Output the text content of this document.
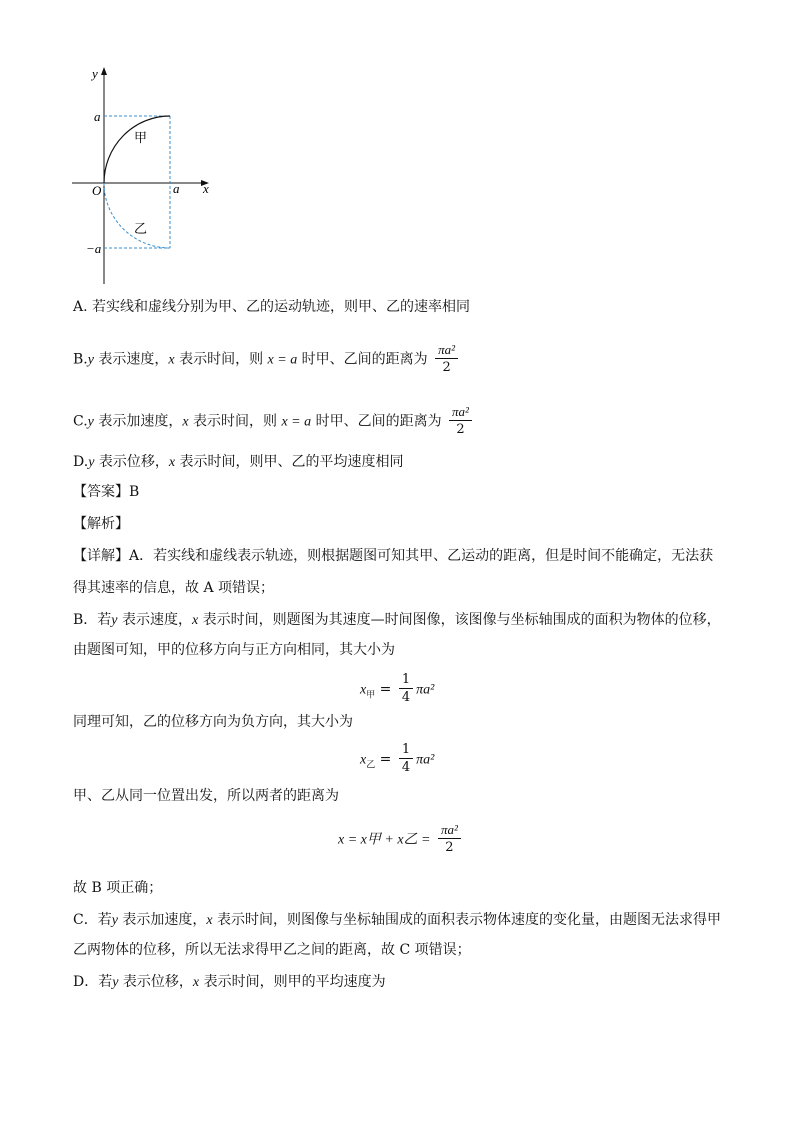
y
x
O
a
a
−a
甲
乙
A. 若实线和虚线分别为甲、乙的运动轨迹，则甲、乙的速率相同
B.y 表示速度，x 表示时间，则 x = a 时甲、乙间的距离为 $\frac{\text{πa²}}{2}$
C.y 表示加速度，x 表示时间，则 x = a 时甲、乙间的距离为 $\frac{\text{πa²}}{2}$
D.y 表示位移，x 表示时间，则甲、乙的平均速度相同
【答案】B
【解析】
【详解】A．若实线和虚线表示轨迹，则根据题图可知其甲、乙运动的距离，但是时间不能确定，无法获
得其速率的信息，故 A 项错误；
B．若y 表示速度，x 表示时间，则题图为其速度—时间图像，该图像与坐标轴围成的面积为物体的位移，
由题图可知，甲的位移方向与正方向相同，其大小为
$x_甲 = \frac{1}{4} \pi a^2$
同理可知，乙的位移方向为负方向，其大小为
$x_乙 = \frac{1}{4} \pi a^2$
甲、乙从同一位置出发，所以两者的距离为
x = x甲 + x乙 = $\frac{\text{πa²}}{2}$
故 B 项正确；
C．若y 表示加速度，x 表示时间，则图像与坐标轴围成的面积表示物体速度的变化量，由题图无法求得甲
乙两物体的位移，所以无法求得甲乙之间的距离，故 C 项错误；
D．若y 表示位移，x 表示时间，则甲的平均速度为
